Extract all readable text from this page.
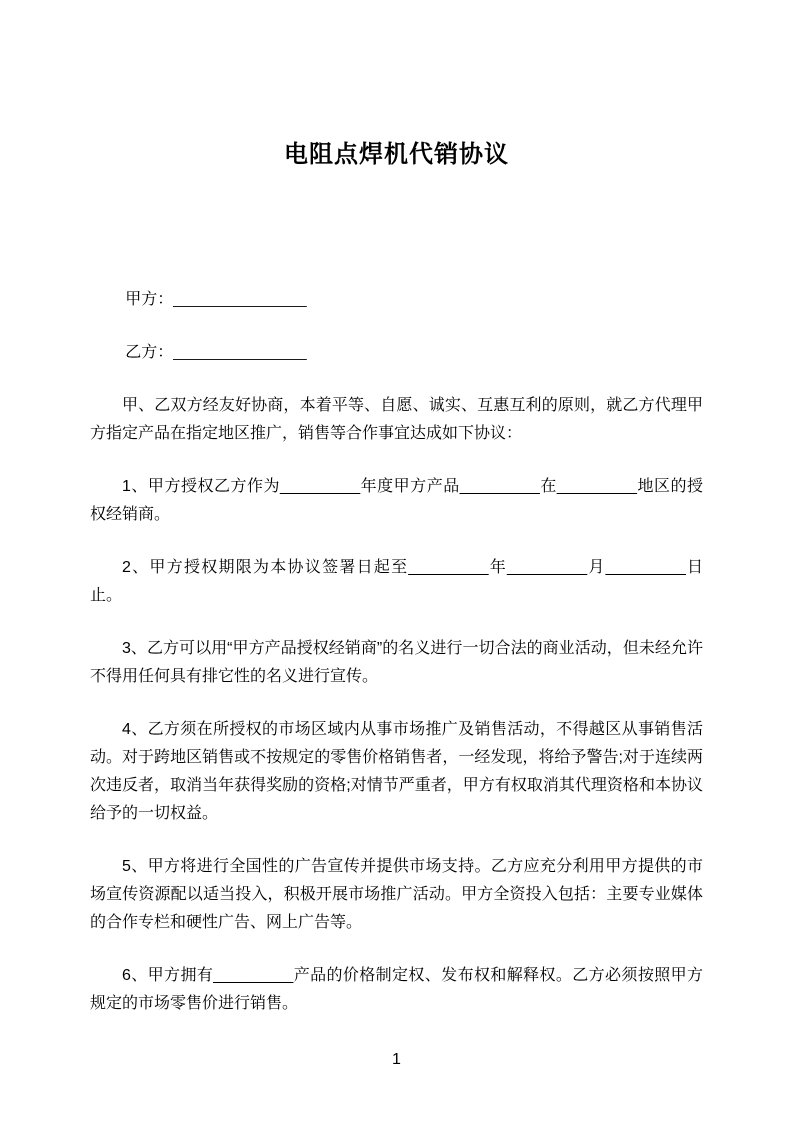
电阻点焊机代销协议

甲方：_______________

乙方：_______________

甲、乙双方经友好协商，本着平等、自愿、诚实、互惠互利的原则，就乙方代理甲方指定产品在指定地区推广，销售等合作事宜达成如下协议：

1、甲方授权乙方作为_________年度甲方产品_________在_________地区的授权经销商。

2、甲方授权期限为本协议签署日起至_________年_________月_________日止。

3、乙方可以用“甲方产品授权经销商”的名义进行一切合法的商业活动，但未经允许不得用任何具有排它性的名义进行宣传。

4、乙方须在所授权的市场区域内从事市场推广及销售活动，不得越区从事销售活动。对于跨地区销售或不按规定的零售价格销售者，一经发现，将给予警告;对于连续两次违反者，取消当年获得奖励的资格;对情节严重者，甲方有权取消其代理资格和本协议给予的一切权益。

5、甲方将进行全国性的广告宣传并提供市场支持。乙方应充分利用甲方提供的市场宣传资源配以适当投入，积极开展市场推广活动。甲方全资投入包括：主要专业媒体的合作专栏和硬性广告、网上广告等。

6、甲方拥有_________产品的价格制定权、发布权和解释权。乙方必须按照甲方规定的市场零售价进行销售。

1
